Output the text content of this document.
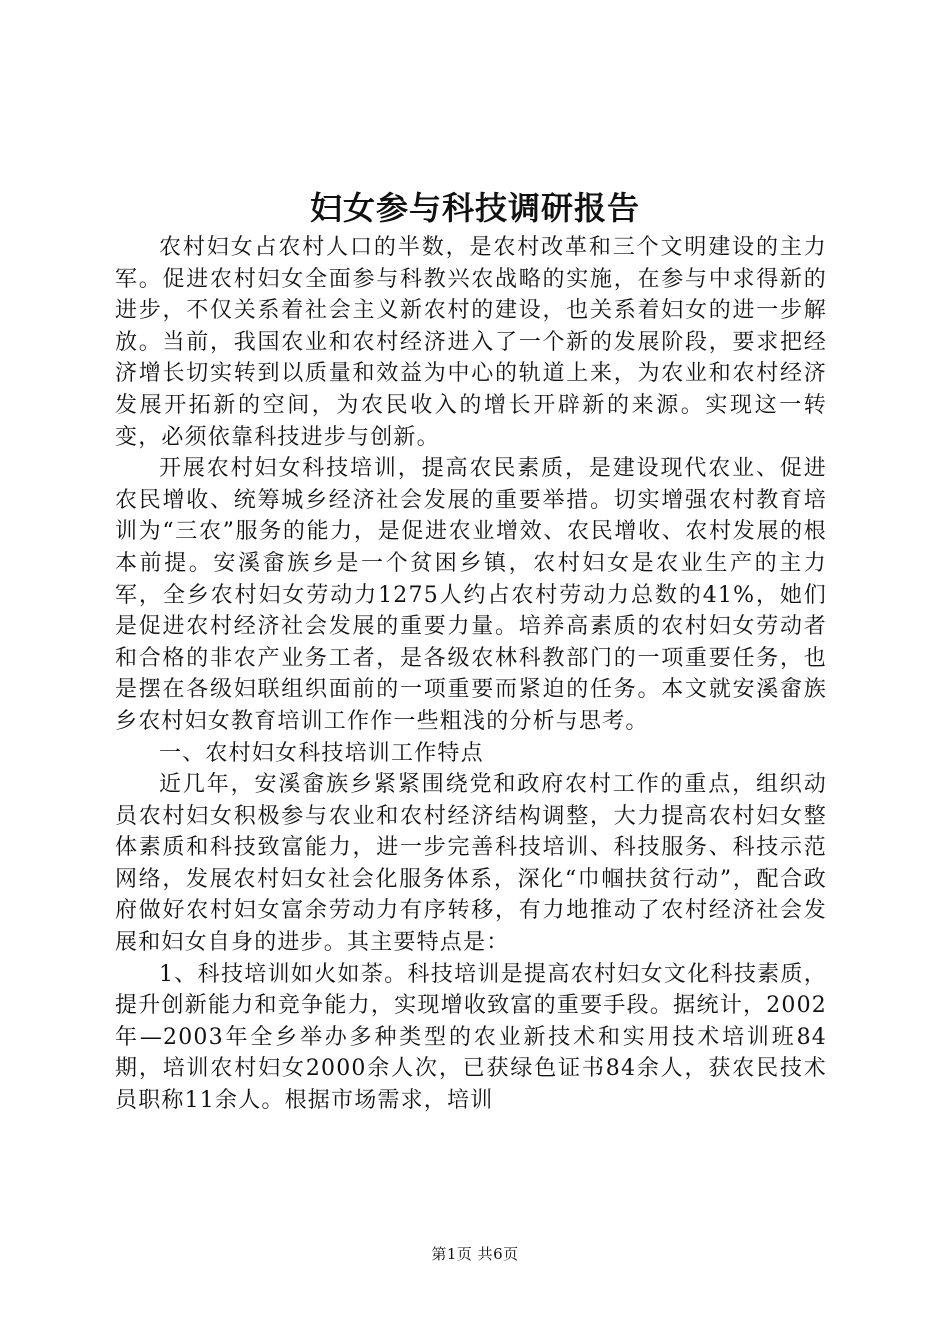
妇女参与科技调研报告

农村妇女占农村人口的半数，是农村改革和三个文明建设的主力军。促进农村妇女全面参与科教兴农战略的实施，在参与中求得新的进步，不仅关系着社会主义新农村的建设，也关系着妇女的进一步解放。当前，我国农业和农村经济进入了一个新的发展阶段，要求把经济增长切实转到以质量和效益为中心的轨道上来，为农业和农村经济发展开拓新的空间，为农民收入的增长开辟新的来源。实现这一转变，必须依靠科技进步与创新。

开展农村妇女科技培训，提高农民素质，是建设现代农业、促进农民增收、统筹城乡经济社会发展的重要举措。切实增强农村教育培训为“三农”服务的能力，是促进农业增效、农民增收、农村发展的根本前提。安溪畲族乡是一个贫困乡镇，农村妇女是农业生产的主力军，全乡农村妇女劳动力1275人约占农村劳动力总数的41%，她们是促进农村经济社会发展的重要力量。培养高素质的农村妇女劳动者和合格的非农产业务工者，是各级农林科教部门的一项重要任务，也是摆在各级妇联组织面前的一项重要而紧迫的任务。本文就安溪畲族乡农村妇女教育培训工作作一些粗浅的分析与思考。

一、农村妇女科技培训工作特点

近几年，安溪畲族乡紧紧围绕党和政府农村工作的重点，组织动员农村妇女积极参与农业和农村经济结构调整，大力提高农村妇女整体素质和科技致富能力，进一步完善科技培训、科技服务、科技示范网络，发展农村妇女社会化服务体系，深化“巾帼扶贫行动”，配合政府做好农村妇女富余劳动力有序转移，有力地推动了农村经济社会发展和妇女自身的进步。其主要特点是：

1、科技培训如火如荼。科技培训是提高农村妇女文化科技素质，提升创新能力和竞争能力，实现增收致富的重要手段。据统计，2002年—2003年全乡举办多种类型的农业新技术和实用技术培训班84期，培训农村妇女2000余人次，已获绿色证书84余人，获农民技术员职称11余人。根据市场需求，培训

第1页 共6页
